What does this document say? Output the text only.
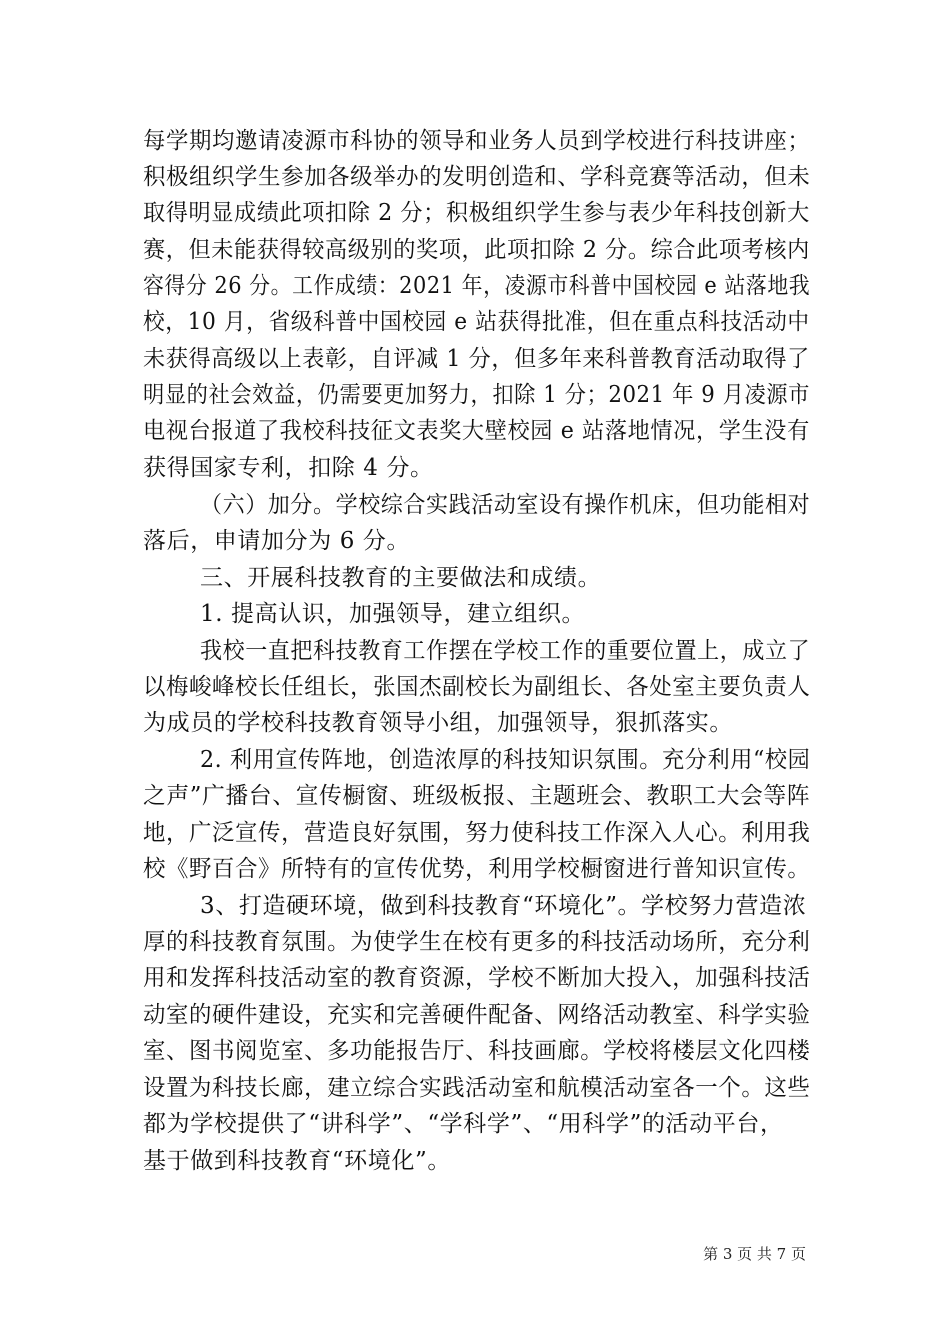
每学期均邀请凌源市科协的领导和业务人员到学校进行科技讲座；
积极组织学生参加各级举办的发明创造和、学科竞赛等活动，但未
取得明显成绩此项扣除 2 分；积极组织学生参与表少年科技创新大
赛，但未能获得较高级别的奖项，此项扣除 2 分。综合此项考核内
容得分 26 分。工作成绩：2021 年，凌源市科普中国校园 e 站落地我
校，10 月，省级科普中国校园 e 站获得批准，但在重点科技活动中
未获得高级以上表彰，自评减 1 分，但多年来科普教育活动取得了
明显的社会效益，仍需要更加努力，扣除 1 分；2021 年 9 月凌源市
电视台报道了我校科技征文表奖大壁校园 e 站落地情况，学生没有
获得国家专利，扣除 4 分。
（六）加分。学校综合实践活动室设有操作机床，但功能相对
落后，申请加分为 6 分。
三、开展科技教育的主要做法和成绩。
1. 提高认识，加强领导，建立组织。
我校一直把科技教育工作摆在学校工作的重要位置上，成立了
以梅峻峰校长任组长，张国杰副校长为副组长、各处室主要负责人
为成员的学校科技教育领导小组，加强领导，狠抓落实。
2. 利用宣传阵地，创造浓厚的科技知识氛围。充分利用“校园
之声”广播台、宣传橱窗、班级板报、主题班会、教职工大会等阵
地，广泛宣传，营造良好氛围，努力使科技工作深入人心。利用我
校《野百合》所特有的宣传优势，利用学校橱窗进行普知识宣传。
3、打造硬环境，做到科技教育“环境化”。学校努力营造浓
厚的科技教育氛围。为使学生在校有更多的科技活动场所，充分利
用和发挥科技活动室的教育资源，学校不断加大投入，加强科技活
动室的硬件建设，充实和完善硬件配备、网络活动教室、科学实验
室、图书阅览室、多功能报告厅、科技画廊。学校将楼层文化四楼
设置为科技长廊，建立综合实践活动室和航模活动室各一个。这些
都为学校提供了“讲科学”、“学科学”、“用科学”的活动平台，
基于做到科技教育“环境化”。
第 3 页 共 7 页
